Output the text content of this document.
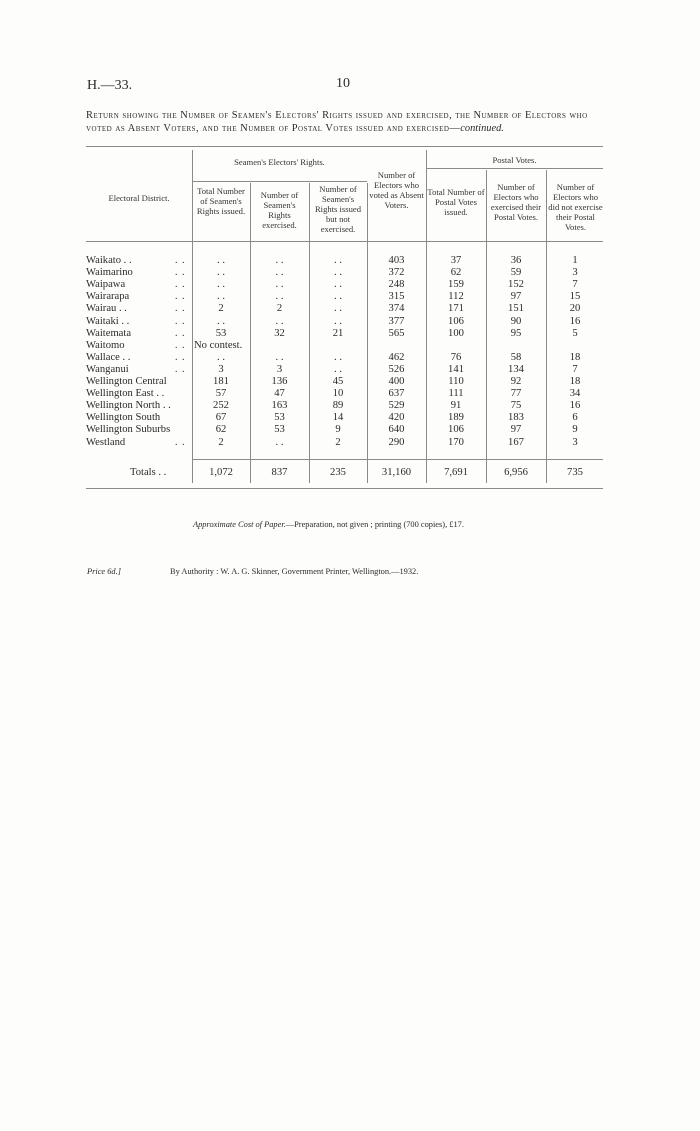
H.—33.	10
Return showing the Number of Seamen's Electors' Rights issued and exercised, the Number of Electors who voted as Absent Voters, and the Number of Postal Votes issued and exercised—continued.
Electoral District.
Seamen's Electors' Rights.	Postal Votes.
Total Number of Seamen's Rights issued.
Number of Seamen's Rights exercised.
Number of Seamen's Rights issued but not exercised.
Number of Electors who voted as Absent Voters.
Total Number of Postal Votes issued.
Number of Electors who exercised their Postal Votes.
Number of Electors who did not exercise their Postal Votes.
Waikato . .	. .	. .	. .	. .	403	37	36	1
Waimarino	. .	. .	. .	. .	372	62	59	3
Waipawa	. .	. .	. .	. .	248	159	152	7
Wairarapa	. .	. .	. .	. .	315	112	97	15
Wairau . .	. .	2	2	. .	374	171	151	20
Waitaki . .	. .	. .	. .	. .	377	106	90	16
Waitemata	. .	53	32	21	565	100	95	5
Waitomo	. . No contest.
Wallace . .	. .	. .	. .	. .	462	76	58	18
Wanganui	. .	3	3	. .	526	141	134	7
Wellington Central	181	136	45	400	110	92	18
Wellington East . .	57	47	10	637	111	77	34
Wellington North . .	252	163	89	529	91	75	16
Wellington South	67	53	14	420	189	183	6
Wellington Suburbs	62	53	9	640	106	97	9
Westland	. .	2	. .	2	290	170	167	3
Totals . .	1,072	837	235	31,160	7,691	6,956	735
Approximate Cost of Paper.—Preparation, not given ; printing (700 copies), £17.
Price 6d.]	By Authority : W. A. G. Skinner, Government Printer, Wellington.—1932.
